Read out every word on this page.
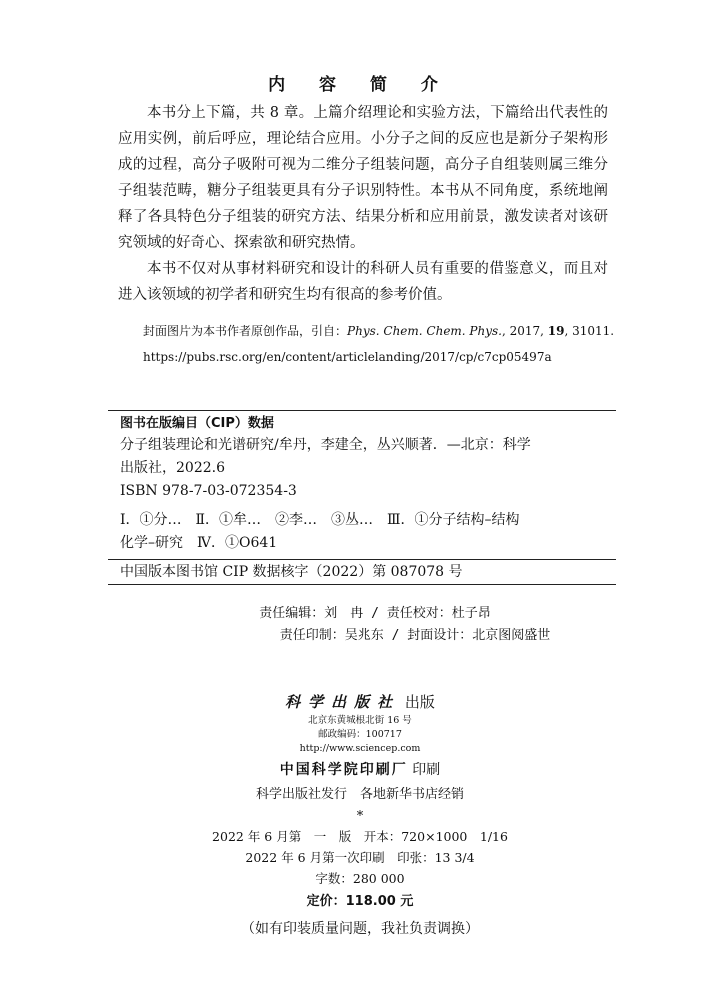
内 容 简 介

本书分上下篇，共 8 章。上篇介绍理论和实验方法，下篇给出代表性的应用实例，前后呼应，理论结合应用。小分子之间的反应也是新分子架构形成的过程，高分子吸附可视为二维分子组装问题，高分子自组装则属三维分子组装范畴，糖分子组装更具有分子识别特性。本书从不同角度，系统地阐释了各具特色分子组装的研究方法、结果分析和应用前景，激发读者对该研究领域的好奇心、探索欲和研究热情。

本书不仅对从事材料研究和设计的科研人员有重要的借鉴意义，而且对进入该领域的初学者和研究生均有很高的参考价值。

封面图片为本书作者原创作品，引自：Phys. Chem. Chem. Phys., 2017, 19, 31011.
https://pubs.rsc.org/en/content/articlelanding/2017/cp/c7cp05497a
图书在版编目（CIP）数据
分子组装理论和光谱研究/牟丹，李建全，丛兴顺著．—北京：科学
出版社，2022.6
ISBN 978-7-03-072354-3
Ⅰ．①分…　Ⅱ．①牟…　②李…　③丛…　Ⅲ．①分子结构–结构
化学–研究　Ⅳ．①O641
中国版本图书馆 CIP 数据核字（2022）第 087078 号
责任编辑：刘　冉 / 责任校对：杜子昂
责任印制：吴兆东 / 封面设计：北京图阅盛世
科学出版社 出版
北京东黄城根北街 16 号
邮政编码：100717
http://www.sciencep.com
中国科学院印刷厂 印刷
科学出版社发行　各地新华书店经销
*
2022 年 6 月第　一　版　开本：720×1000　1/16
2022 年 6 月第一次印刷　印张：13 3/4
字数：280 000
定价：118.00 元
（如有印装质量问题，我社负责调换）
